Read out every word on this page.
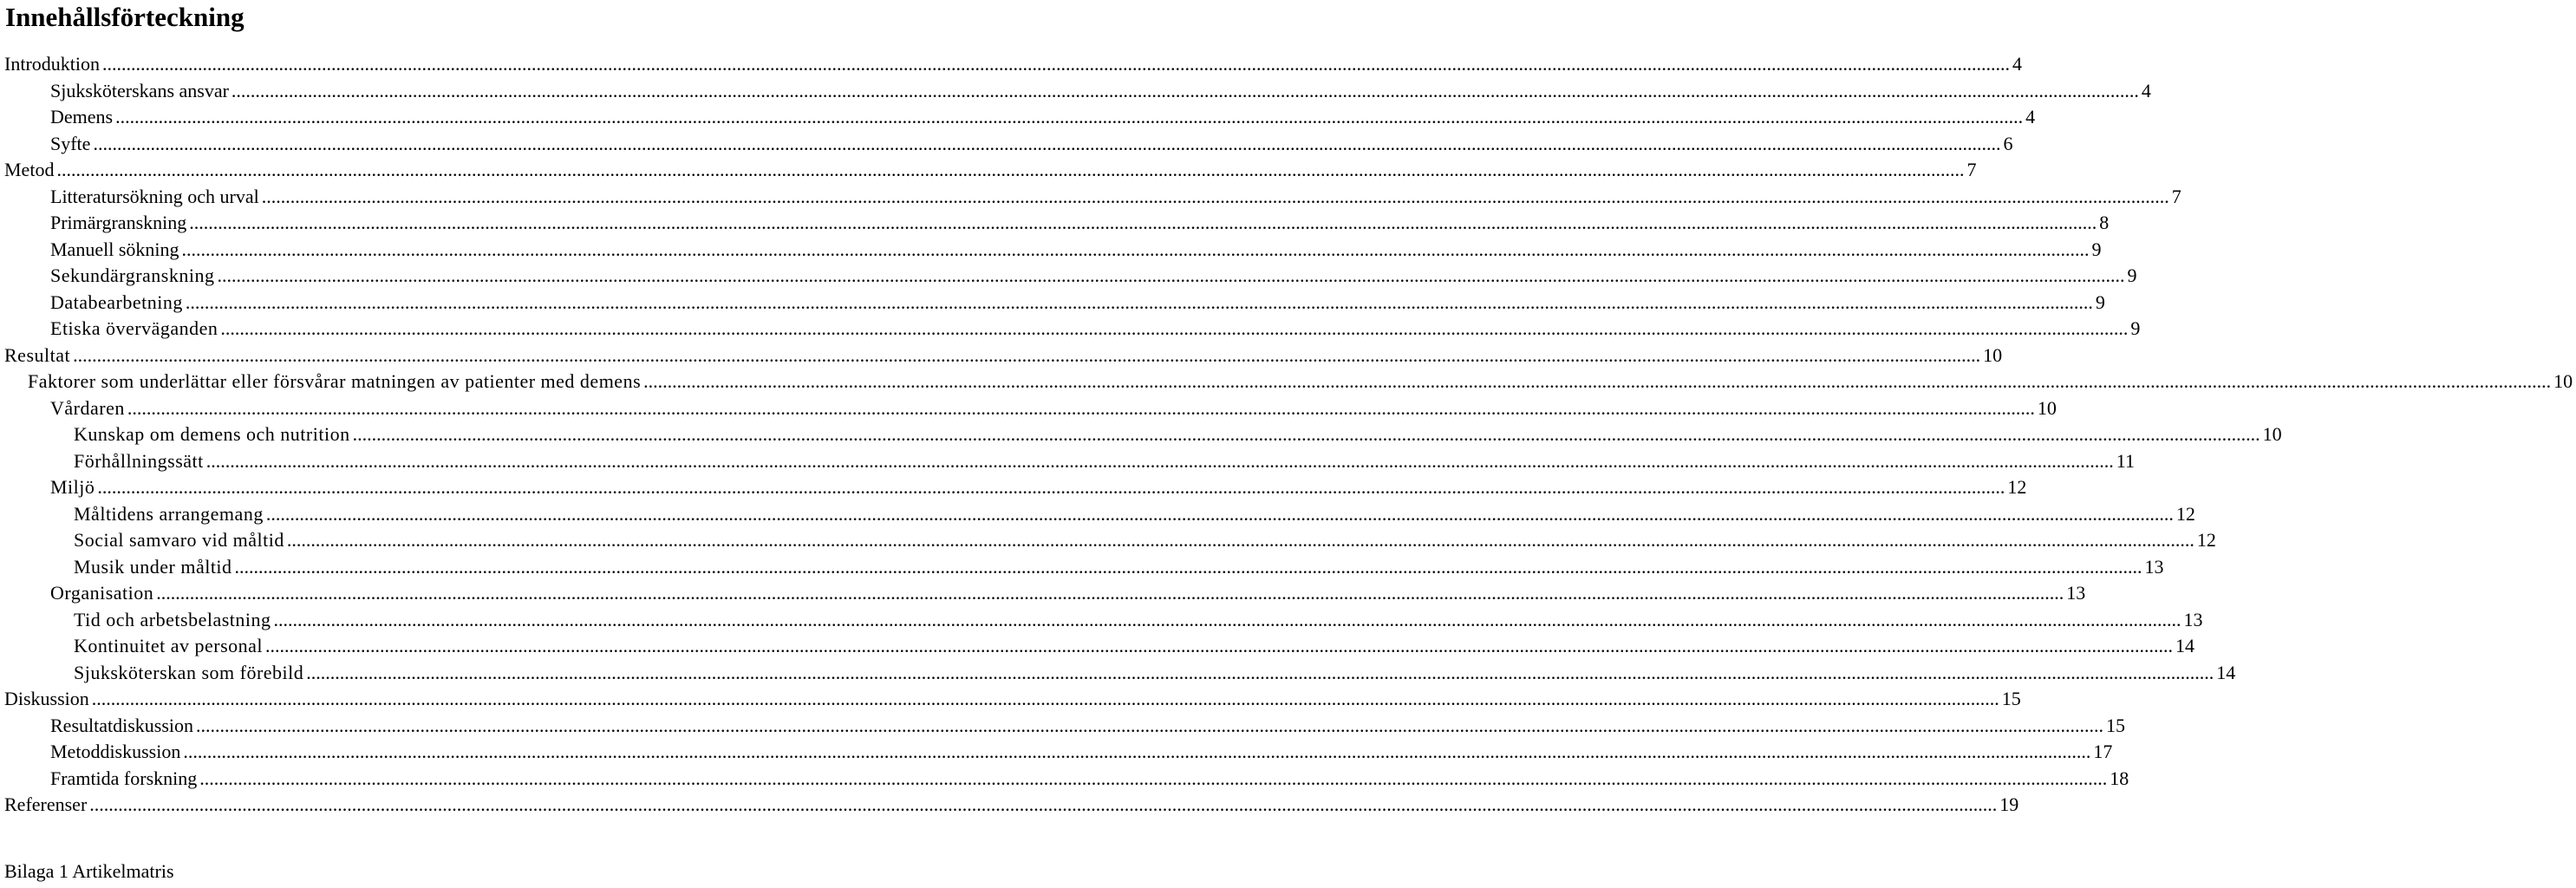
Innehållsförteckning
Introduktion ................................................................................................................................................................................................................................................................................................................................................................................................................ 4
Sjuksköterskans ansvar ................................................................................................................................................................................................................................................................................................................................................................................................................ 4
Demens ................................................................................................................................................................................................................................................................................................................................................................................................................ 4
Syfte ................................................................................................................................................................................................................................................................................................................................................................................................................ 6
Metod ................................................................................................................................................................................................................................................................................................................................................................................................................ 7
Litteratursökning och urval ................................................................................................................................................................................................................................................................................................................................................................................................................ 7
Primärgranskning ................................................................................................................................................................................................................................................................................................................................................................................................................ 8
Manuell sökning ................................................................................................................................................................................................................................................................................................................................................................................................................ 9
Sekundärgranskning ................................................................................................................................................................................................................................................................................................................................................................................................................ 9
Databearbetning ................................................................................................................................................................................................................................................................................................................................................................................................................ 9
Etiska överväganden ................................................................................................................................................................................................................................................................................................................................................................................................................ 9
Resultat ................................................................................................................................................................................................................................................................................................................................................................................................................ 10
Faktorer som underlättar eller försvårar matningen av patienter med demens ................................................................................................................................................................................................................................................................................................................................................................................................................ 10
Vårdaren ................................................................................................................................................................................................................................................................................................................................................................................................................ 10
Kunskap om demens och nutrition ................................................................................................................................................................................................................................................................................................................................................................................................................ 10
Förhållningssätt ................................................................................................................................................................................................................................................................................................................................................................................................................ 11
Miljö ................................................................................................................................................................................................................................................................................................................................................................................................................ 12
Måltidens arrangemang ................................................................................................................................................................................................................................................................................................................................................................................................................ 12
Social samvaro vid måltid ................................................................................................................................................................................................................................................................................................................................................................................................................ 12
Musik under måltid ................................................................................................................................................................................................................................................................................................................................................................................................................ 13
Organisation ................................................................................................................................................................................................................................................................................................................................................................................................................ 13
Tid och arbetsbelastning ................................................................................................................................................................................................................................................................................................................................................................................................................ 13
Kontinuitet av personal ................................................................................................................................................................................................................................................................................................................................................................................................................ 14
Sjuksköterskan som förebild ................................................................................................................................................................................................................................................................................................................................................................................................................ 14
Diskussion ................................................................................................................................................................................................................................................................................................................................................................................................................ 15
Resultatdiskussion ................................................................................................................................................................................................................................................................................................................................................................................................................ 15
Metoddiskussion ................................................................................................................................................................................................................................................................................................................................................................................................................ 17
Framtida forskning ................................................................................................................................................................................................................................................................................................................................................................................................................ 18
Referenser ................................................................................................................................................................................................................................................................................................................................................................................................................ 19

Bilaga 1 Artikelmatris
